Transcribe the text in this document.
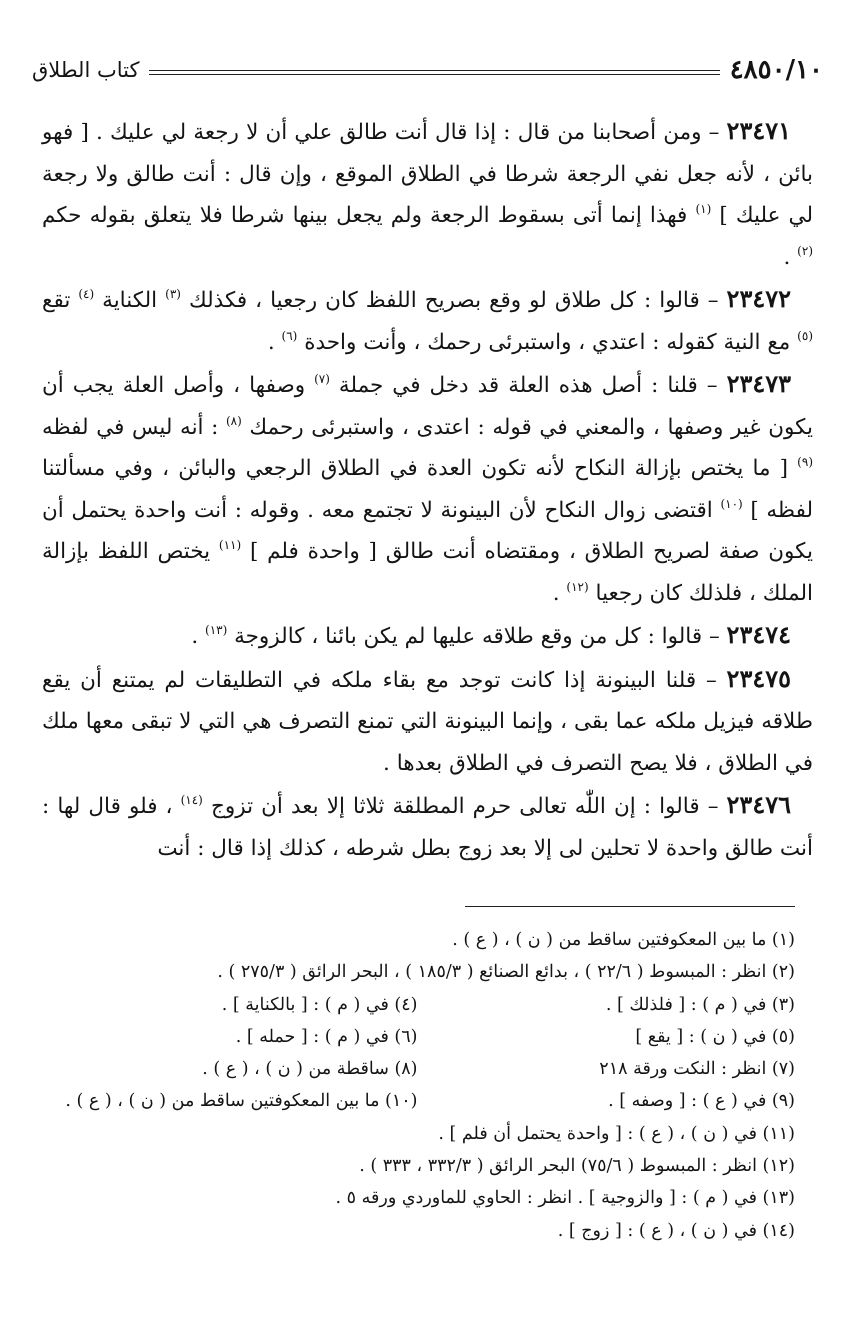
٤٨٥٠/١٠
كتاب الطلاق

٢٣٤٧١ – ومن أصحابنا من قال : إذا قال أنت طالق علي أن لا رجعة لي عليك . [ فهو بائن ، لأنه جعل نفي الرجعة شرطا في الطلاق الموقع ، وإن قال : أنت طالق ولا رجعة لي عليك ] $^{(١)}$ فهذا إنما أتى بسقوط الرجعة ولم يجعل بينها شرطا فلا يتعلق بقوله حكم $^{(٢)}$ .

٢٣٤٧٢ – قالوا : كل طلاق لو وقع بصريح اللفظ كان رجعيا ، فكذلك $^{(٣)}$ الكناية $^{(٤)}$ تقع $^{(٥)}$ مع النية كقوله : اعتدي ، واستبرئى رحمك ، وأنت واحدة $^{(٦)}$ .

٢٣٤٧٣ – قلنا : أصل هذه العلة قد دخل في جملة $^{(٧)}$ وصفها ، وأصل العلة يجب أن يكون غير وصفها ، والمعني في قوله : اعتدى ، واستبرئى رحمك $^{(٨)}$ : أنه ليس في لفظه $^{(٩)}$ [ ما يختص بإزالة النكاح لأنه تكون العدة في الطلاق الرجعي والبائن ، وفي مسألتنا لفظه ] $^{(١٠)}$ اقتضى زوال النكاح لأن البينونة لا تجتمع معه . وقوله : أنت واحدة يحتمل أن يكون صفة لصريح الطلاق ، ومقتضاه أنت طالق [ واحدة فلم ] $^{(١١)}$ يختص اللفظ بإزالة الملك ، فلذلك كان رجعيا $^{(١٢)}$ .

٢٣٤٧٤ – قالوا : كل من وقع طلاقه عليها لم يكن بائنا ، كالزوجة $^{(١٣)}$ .

٢٣٤٧٥ – قلنا البينونة إذا كانت توجد مع بقاء ملكه في التطليقات لم يمتنع أن يقع طلاقه فيزيل ملكه عما بقى ، وإنما البينونة التي تمنع التصرف هي التي لا تبقى معها ملك في الطلاق ، فلا يصح التصرف في الطلاق بعدها .

٢٣٤٧٦ – قالوا : إن اللّٰه تعالى حرم المطلقة ثلاثا إلا بعد أن تزوج $^{(١٤)}$ ، فلو قال لها : أنت طالق واحدة لا تحلين لى إلا بعد زوج بطل شرطه ، كذلك إذا قال : أنت

(١) ما بين المعكوفتين ساقط من ( ن ) ، ( ع ) .
(٢) انظر : المبسوط ( ٢٢/٦ ) ، بدائع الصنائع ( ١٨٥/٣ ) ، البحر الرائق ( ٢٧٥/٣ ) .
(٣) في ( م ) : [ فلذلك ] .
(٤) في ( م ) : [ بالكناية ] .
(٥) في ( ن ) : [ يقع ]
(٦) في ( م ) : [ حمله ] .
(٧) انظر : النكت ورقة ٢١٨
(٨) ساقطة من ( ن ) ، ( ع ) .
(٩) في ( ع ) : [ وصفه ] .
(١٠) ما بين المعكوفتين ساقط من ( ن ) ، ( ع ) .
(١١) في ( ن ) ، ( ع ) : [ واحدة يحتمل أن فلم ] .
(١٢) انظر : المبسوط ( ٧٥/٦) البحر الرائق ( ٣٣٢/٣ ، ٣٣٣ ) .
(١٣) في ( م ) : [ والزوجية ] . انظر : الحاوي للماوردي ورقه ٥ .
(١٤) في ( ن ) ، ( ع ) : [ زوج ] .
